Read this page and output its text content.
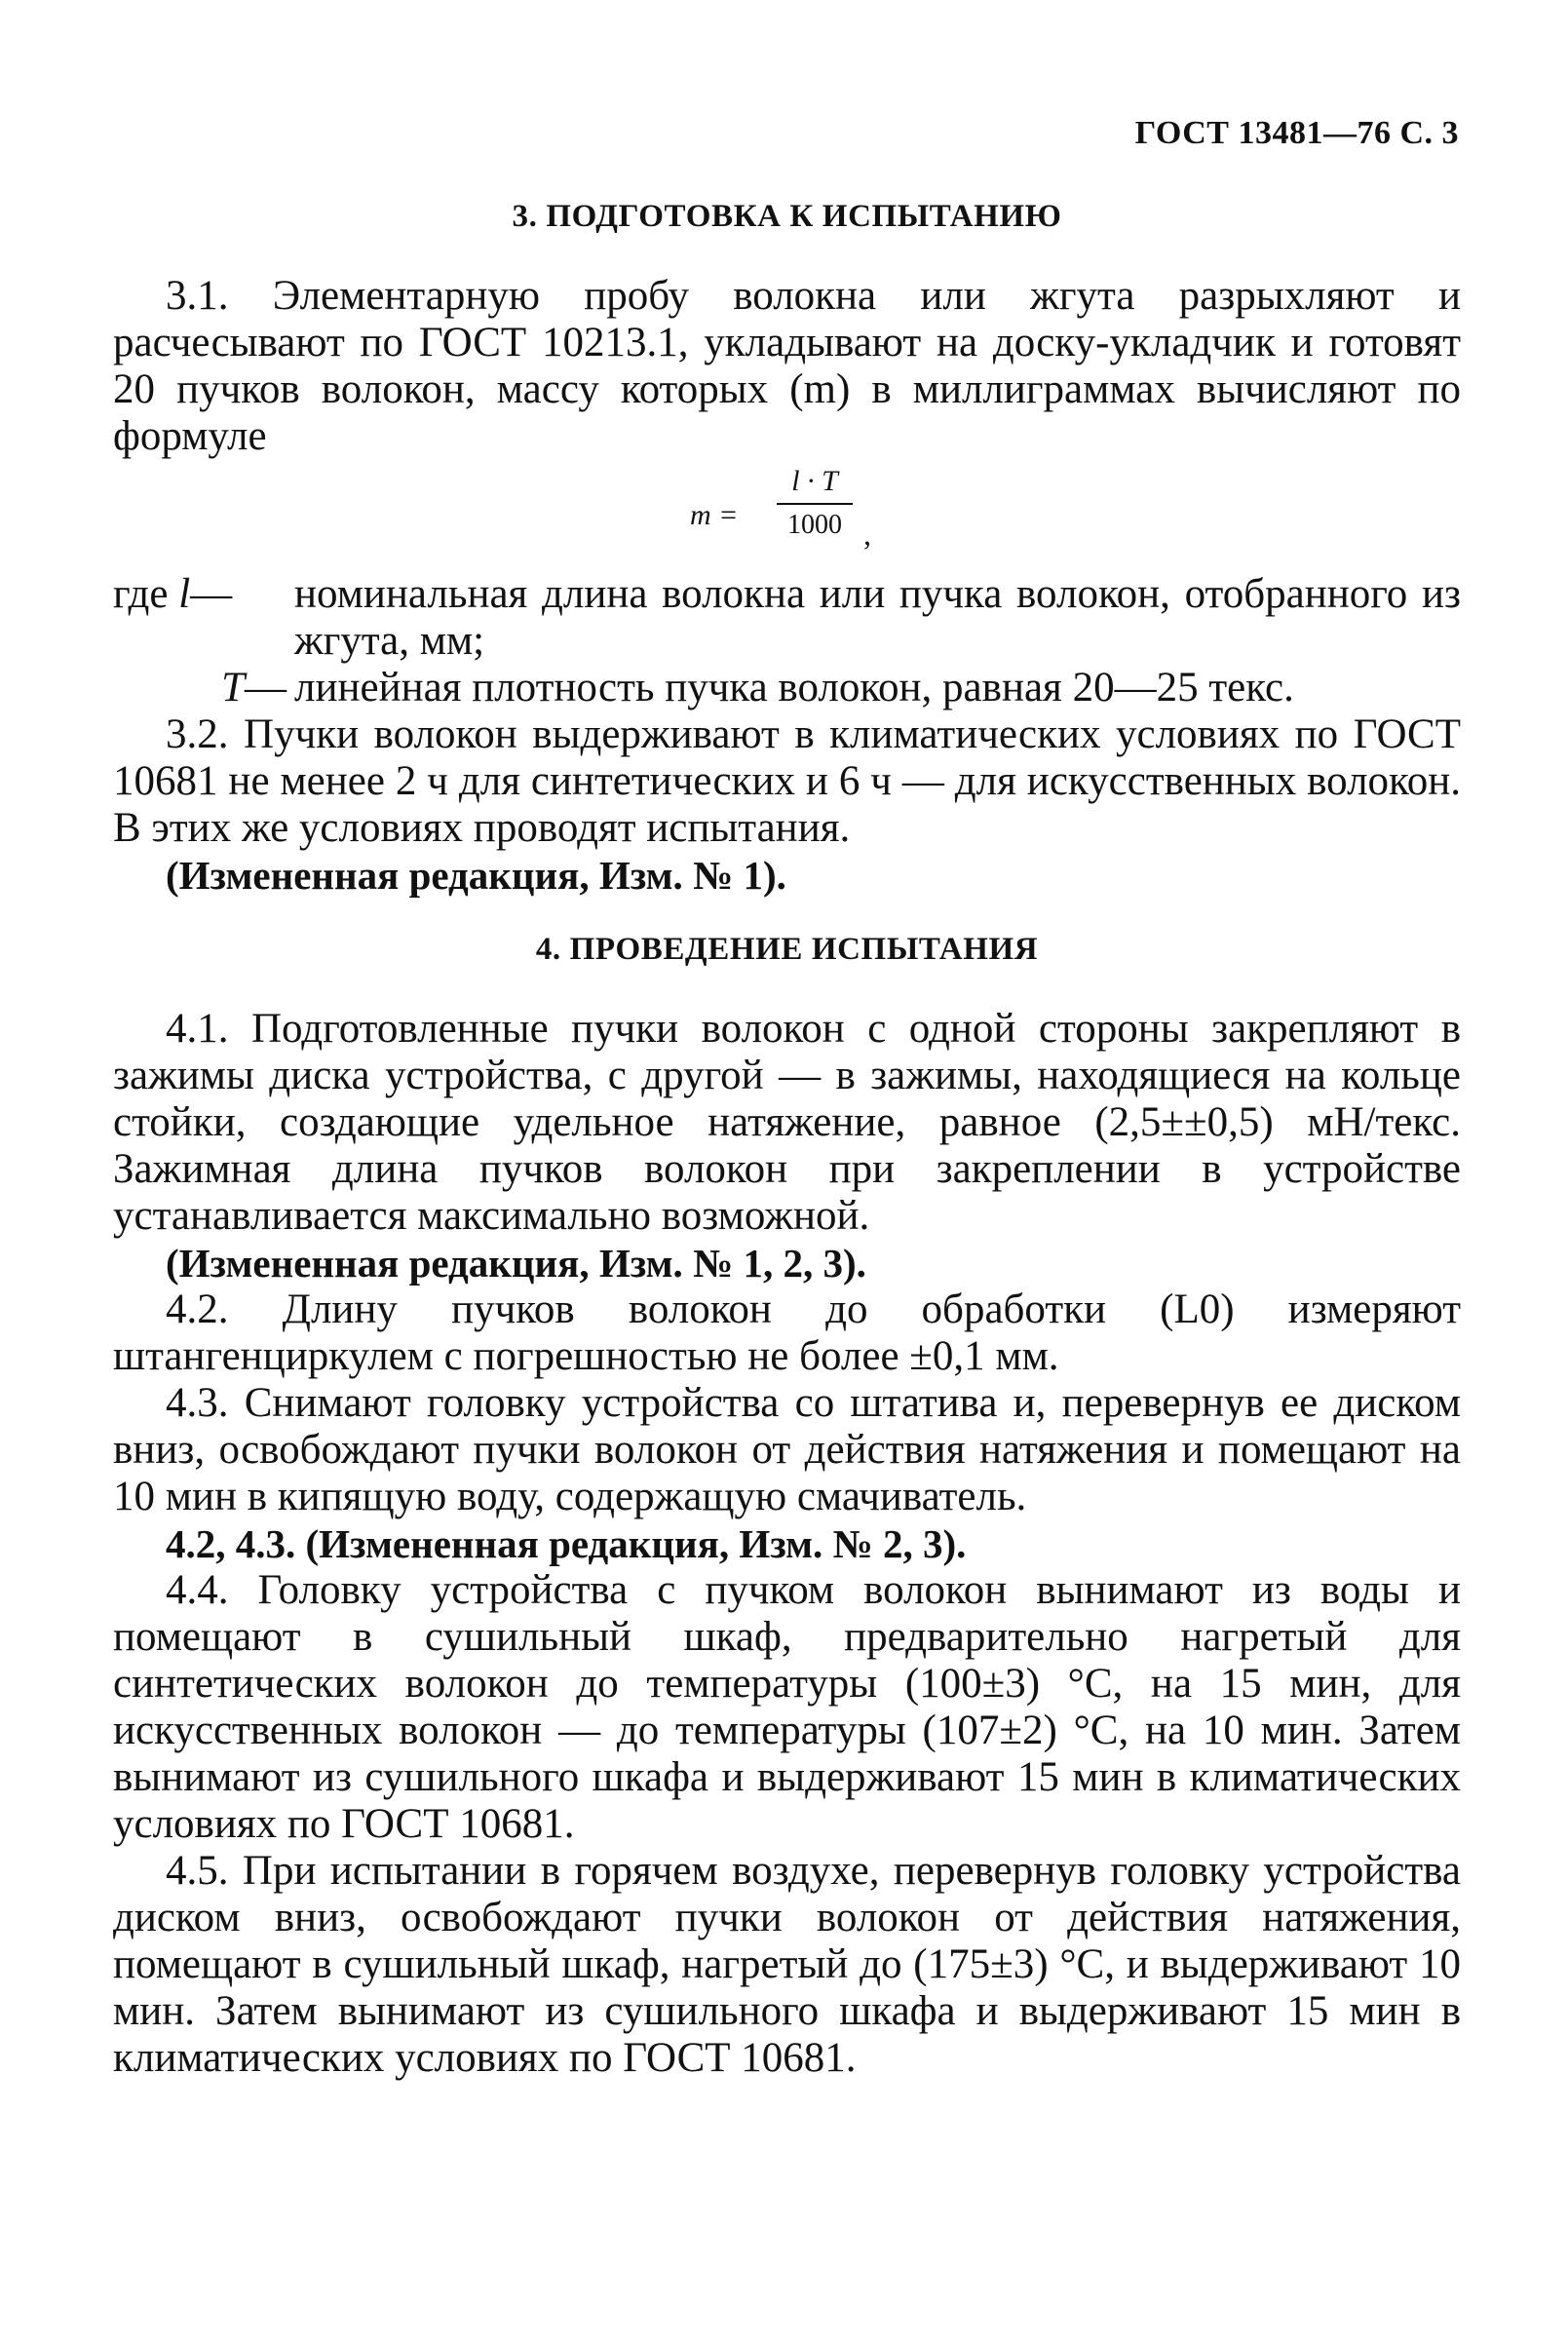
ГОСТ 13481—76 С. 3
3. ПОДГОТОВКА К ИСПЫТАНИЮ

3.1. Элементарную пробу волокна или жгута разрыхляют и расчесывают по ГОСТ 10213.1, укладывают на доску-укладчик и готовят 20 пучков волокон, массу которых (m) в миллиграммах вычисляют по формуле

m =
l · T
1000 ,
где l—	номинальная длина волокна или пучка волокон, отобранного из жгута, мм;
T— линейная плотность пучка волокон, равная 20—25 текс.

3.2. Пучки волокон выдерживают в климатических условиях по ГОСТ 10681 не менее 2 ч для синтетических и 6 ч — для искусственных волокон. В этих же условиях проводят испытания.

(Измененная редакция, Изм. № 1).

4. ПРОВЕДЕНИЕ ИСПЫТАНИЯ

4.1. Подготовленные пучки волокон с одной стороны закрепляют в зажимы диска устройства, с другой — в зажимы, находящиеся на кольце стойки, создающие удельное натяжение, равное (2,5±±0,5) мН/текс. Зажимная длина пучков волокон при закреплении в устройстве устанавливается максимально возможной.

(Измененная редакция, Изм. № 1, 2, 3).

4.2. Длину пучков волокон до обработки (L0) измеряют штангенциркулем с погрешностью не более ±0,1 мм.

4.3. Снимают головку устройства со штатива и, перевернув ее диском вниз, освобождают пучки волокон от действия натяжения и помещают на 10 мин в кипящую воду, содержащую смачиватель.

4.2, 4.3. (Измененная редакция, Изм. № 2, 3).

4.4. Головку устройства с пучком волокон вынимают из воды и помещают в сушильный шкаф, предварительно нагретый для синтетических волокон до температуры (100±3) °С, на 15 мин, для искусственных волокон — до температуры (107±2) °С, на 10 мин. Затем вынимают из сушильного шкафа и выдерживают 15 мин в климатических условиях по ГОСТ 10681.

4.5. При испытании в горячем воздухе, перевернув головку устройства диском вниз, освобождают пучки волокон от действия натяжения, помещают в сушильный шкаф, нагретый до (175±3) °С, и выдерживают 10 мин. Затем вынимают из сушильного шкафа и выдерживают 15 мин в климатических условиях по ГОСТ 10681.
